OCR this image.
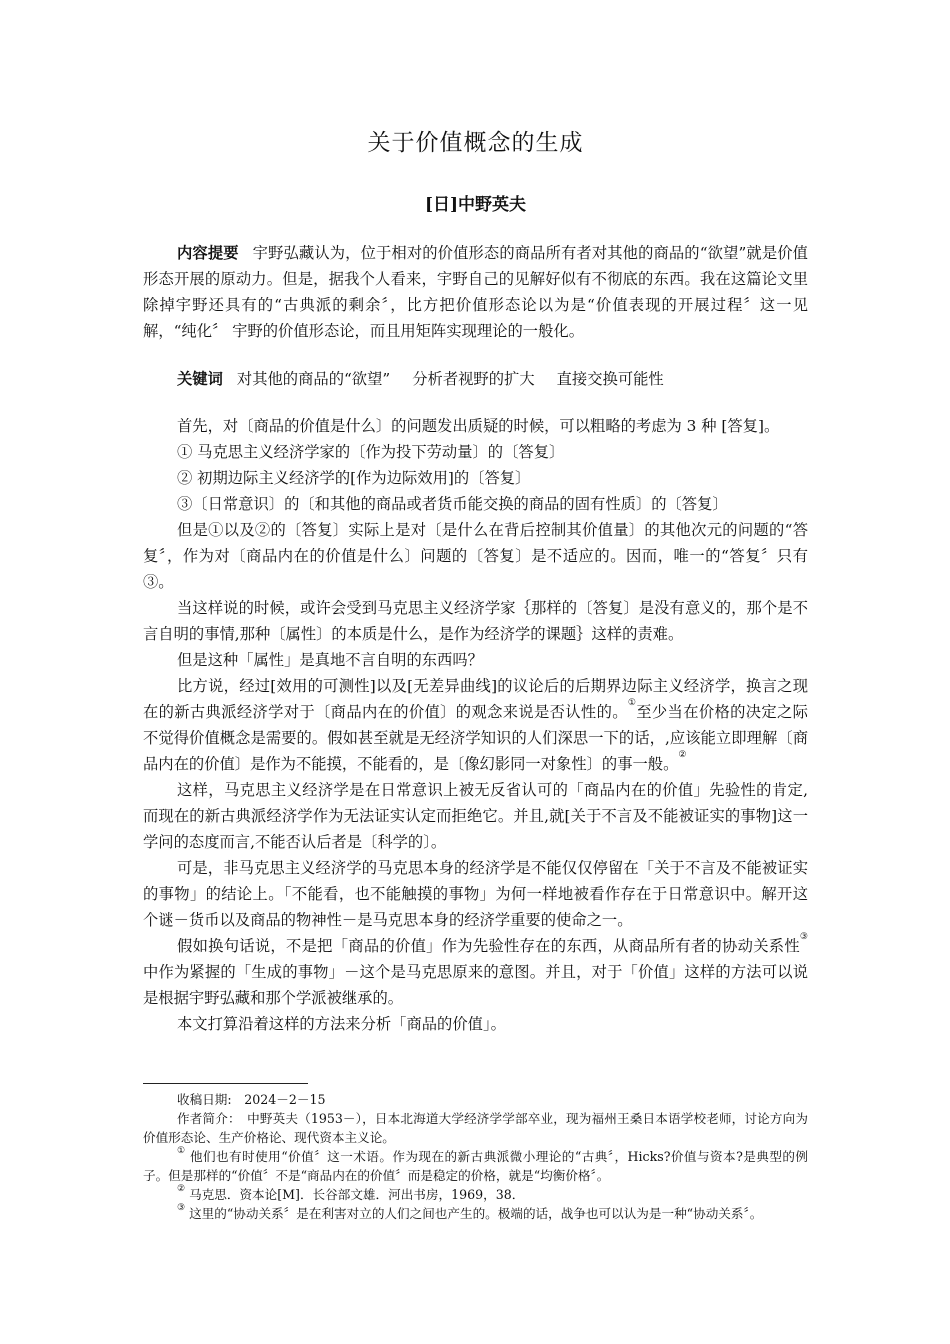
关于价值概念的生成
[日]中野英夫

内容提要 宇野弘藏认为，位于相对的价值形态的商品所有者对其他的商品的“欲望”就是价值形态开展的原动力。但是，据我个人看来，宇野自己的见解好似有不彻底的东西。我在这篇论文里除掉宇野还具有的“古典派的剩余〞，比方把价值形态论以为是“价值表现的开展过程〞这一见解，“纯化〞 宇野的价值形态论，而且用矩阵实现理论的一般化。

关键词 对其他的商品的“欲望” 分析者视野的扩大 直接交换可能性

首先，对〔商品的价值是什么〕的问题发出质疑的时候，可以粗略的考虑为 3 种 [答复]。

① 马克思主义经济学家的〔作为投下劳动量〕的〔答复〕

② 初期边际主义经济学的[作为边际效用]的〔答复〕

③〔日常意识〕的〔和其他的商品或者货币能交换的商品的固有性质〕的〔答复〕

但是①以及②的〔答复〕实际上是对〔是什么在背后控制其价值量〕的其他次元的问题的“答复〞，作为对〔商品内在的价值是什么〕问题的〔答复〕是不适应的。因而，唯一的“答复〞只有③。

当这样说的时候，或许会受到马克思主义经济学家｛那样的〔答复〕是没有意义的，那个是不言自明的事情,那种〔属性〕的本质是什么，是作为经济学的课题｝这样的责难。

但是这种「属性」是真地不言自明的东西吗？

比方说，经过[效用的可测性]以及[无差异曲线]的议论后的后期界边际主义经济学，换言之现在的新古典派经济学对于〔商品内在的价值〕的观念来说是否认性的。①至少当在价格的决定之际不觉得价值概念是需要的。假如甚至就是无经济学知识的人们深思一下的话，,应该能立即理解〔商品内在的价值〕是作为不能摸，不能看的，是〔像幻影同一对象性〕的事一般。②

这样，马克思主义经济学是在日常意识上被无反省认可的「商品内在的价值」先验性的肯定,而现在的新古典派经济学作为无法证实认定而拒绝它。并且,就[关于不言及不能被证实的事物]这一学问的态度而言,不能否认后者是〔科学的〕。

可是，非马克思主义经济学的马克思本身的经济学是不能仅仅停留在「关于不言及不能被证实的事物」的结论上。「不能看，也不能触摸的事物」为何一样地被看作存在于日常意识中。解开这个谜－货币以及商品的物神性－是马克思本身的经济学重要的使命之一。

假如换句话说，不是把「商品的价值」作为先验性存在的东西，从商品所有者的协动关系性③中作为紧握的「生成的事物」－这个是马克思原来的意图。并且，对于「价值」这样的方法可以说是根据宇野弘藏和那个学派被继承的。

本文打算沿着这样的方法来分析「商品的价值」。

收稿日期:　2024－2－15

作者简介：　中野英夫（1953－），日本北海道大学经济学学部卒业，现为福州王桑日本语学校老师，讨论方向为价值形态论、生产价格论、现代资本主义论。

① 他们也有时使用“价值〞这一术语。作为现在的新古典派微小理论的“古典〞，Hicks?价值与资本?是典型的例子。但是那样的“价值〞不是“商品内在的价值〞而是稳定的价格，就是“均衡价格〞。

② 马克思．资本论[M]．长谷部文雄．河出书房，1969，38．

③ 这里的“协动关系〞是在利害对立的人们之间也产生的。极端的话，战争也可以认为是一种“协动关系〞。
